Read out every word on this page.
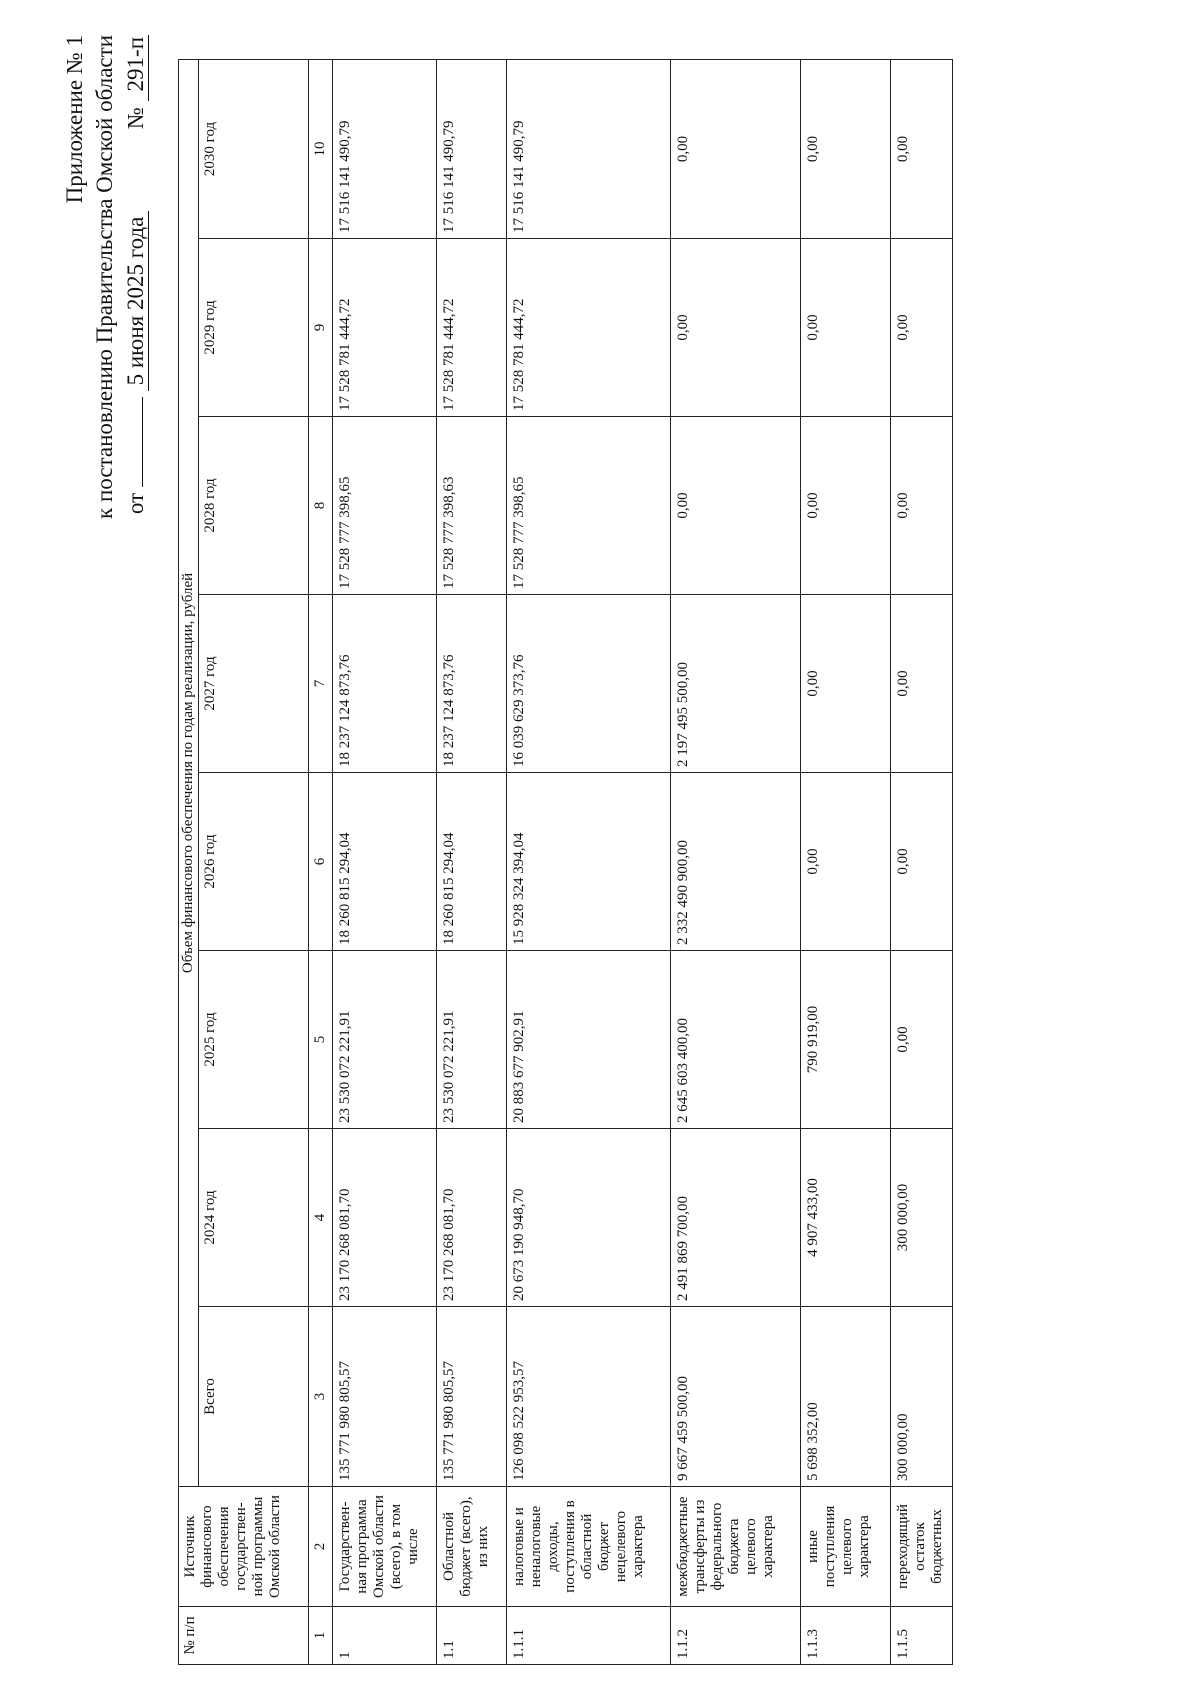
Приложение № 1 к постановлению Правительства Омской области от  5 июня 2025 года  № 291-п
№ п/п	Источник финансового обеспечения государствен-ной программы Омской области	Объем финансового обеспечения по годам реализации, рублей							
		Всего	2024 год	2025 год	2026 год	2027 год	2028 год	2029 год	2030 год
1	2	3	4	5	6	7	8	9	10
1	Государствен-ная программа Омской области (всего), в том числе	135 771 980 805,57	23 170 268 081,70	23 530 072 221,91	18 260 815 294,04	18 237 124 873,76	17 528 777 398,65	17 528 781 444,72	17 516 141 490,79
1.1	Областной бюджет (всего), из них	135 771 980 805,57	23 170 268 081,70	23 530 072 221,91	18 260 815 294,04	18 237 124 873,76	17 528 777 398,63	17 528 781 444,72	17 516 141 490,79
1.1.1	налоговые и неналоговые доходы, поступления в областной бюджет нецелевого характера	126 098 522 953,57	20 673 190 948,70	20 883 677 902,91	15 928 324 394,04	16 039 629 373,76	17 528 777 398,65	17 528 781 444,72	17 516 141 490,79
1.1.2	межбюджетные трансферты из федерального бюджета целевого характера	9 667 459 500,00	2 491 869 700,00	2 645 603 400,00	2 332 490 900,00	2 197 495 500,00	0,00	0,00	0,00
1.1.3	иные поступления целевого характера	5 698 352,00	4 907 433,00	790 919,00	0,00	0,00	0,00	0,00	0,00
1.1.5	переходящий остаток бюджетных	300 000,00	300 000,00	0,00	0,00	0,00	0,00	0,00	0,00
